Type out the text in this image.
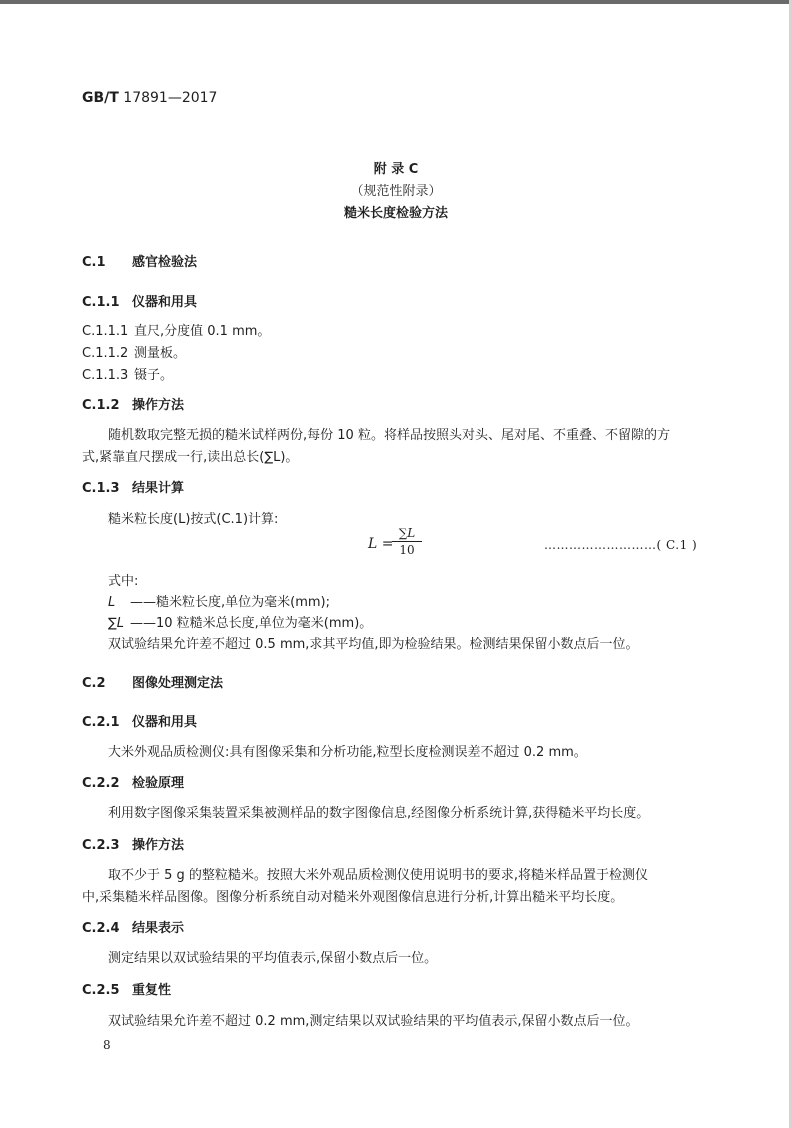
GB/T 17891—2017
附 录 C
（规范性附录）
糙米长度检验方法
C.1 感官检验法
C.1.1 仪器和用具
C.1.1.1 直尺,分度值 0.1 mm。
C.1.1.2 测量板。
C.1.1.3 镊子。
C.1.2 操作方法
随机数取完整无损的糙米试样两份,每份 10 粒。将样品按照头对头、尾对尾、不重叠、不留隙的方
式,紧靠直尺摆成一行,读出总长(∑L)。
C.1.3 结果计算
糙米粒长度(L)按式(C.1)计算:
L =
$\frac{\sum L}{10}$	………………………( C.1 )
式中:
L ——糙米粒长度,单位为毫米(mm);
∑L ——10 粒糙米总长度,单位为毫米(mm)。
双试验结果允许差不超过 0.5 mm,求其平均值,即为检验结果。检测结果保留小数点后一位。
C.2 图像处理测定法
C.2.1 仪器和用具
大米外观品质检测仪:具有图像采集和分析功能,粒型长度检测误差不超过 0.2 mm。
C.2.2 检验原理
利用数字图像采集装置采集被测样品的数字图像信息,经图像分析系统计算,获得糙米平均长度。
C.2.3 操作方法
取不少于 5 g 的整粒糙米。按照大米外观品质检测仪使用说明书的要求,将糙米样品置于检测仪
中,采集糙米样品图像。图像分析系统自动对糙米外观图像信息进行分析,计算出糙米平均长度。
C.2.4 结果表示
测定结果以双试验结果的平均值表示,保留小数点后一位。
C.2.5 重复性
双试验结果允许差不超过 0.2 mm,测定结果以双试验结果的平均值表示,保留小数点后一位。
8
